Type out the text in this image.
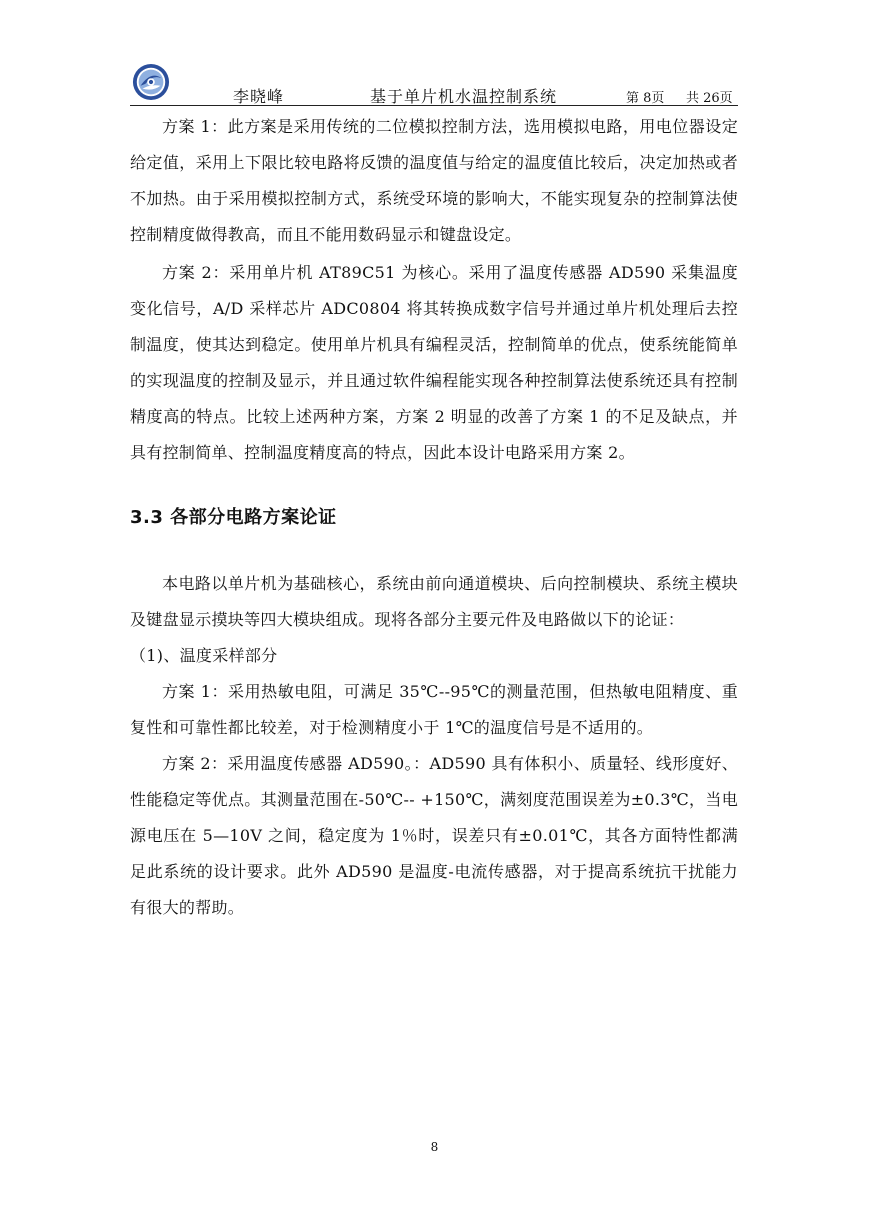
李晓峰	基于单片机水温控制系统	第 8页 共 26页

方案 1：此方案是采用传统的二位模拟控制方法，选用模拟电路，用电位器设定给定值，采用上下限比较电路将反馈的温度值与给定的温度值比较后，决定加热或者不加热。由于采用模拟控制方式，系统受环境的影响大，不能实现复杂的控制算法使控制精度做得教高，而且不能用数码显示和键盘设定。

方案 2：采用单片机 AT89C51 为核心。采用了温度传感器 AD590 采集温度变化信号，A/D 采样芯片 ADC0804 将其转换成数字信号并通过单片机处理后去控制温度，使其达到稳定。使用单片机具有编程灵活，控制简单的优点，使系统能简单的实现温度的控制及显示，并且通过软件编程能实现各种控制算法使系统还具有控制精度高的特点。比较上述两种方案，方案 2 明显的改善了方案 1 的不足及缺点，并具有控制简单、控制温度精度高的特点，因此本设计电路采用方案 2。

3.3 各部分电路方案论证

本电路以单片机为基础核心，系统由前向通道模块、后向控制模块、系统主模块及键盘显示摸块等四大模块组成。现将各部分主要元件及电路做以下的论证：

（1)、温度采样部分

方案 1：采用热敏电阻，可满足 35℃--95℃的测量范围，但热敏电阻精度、重复性和可靠性都比较差，对于检测精度小于 1℃的温度信号是不适用的。

方案 2：采用温度传感器 AD590。：AD590 具有体积小、质量轻、线形度好、性能稳定等优点。其测量范围在-50℃-- +150℃，满刻度范围误差为±0.3℃，当电源电压在 5—10V 之间，稳定度为 1％时，误差只有±0.01℃，其各方面特性都满足此系统的设计要求。此外 AD590 是温度-电流传感器，对于提高系统抗干扰能力有很大的帮助。

8
